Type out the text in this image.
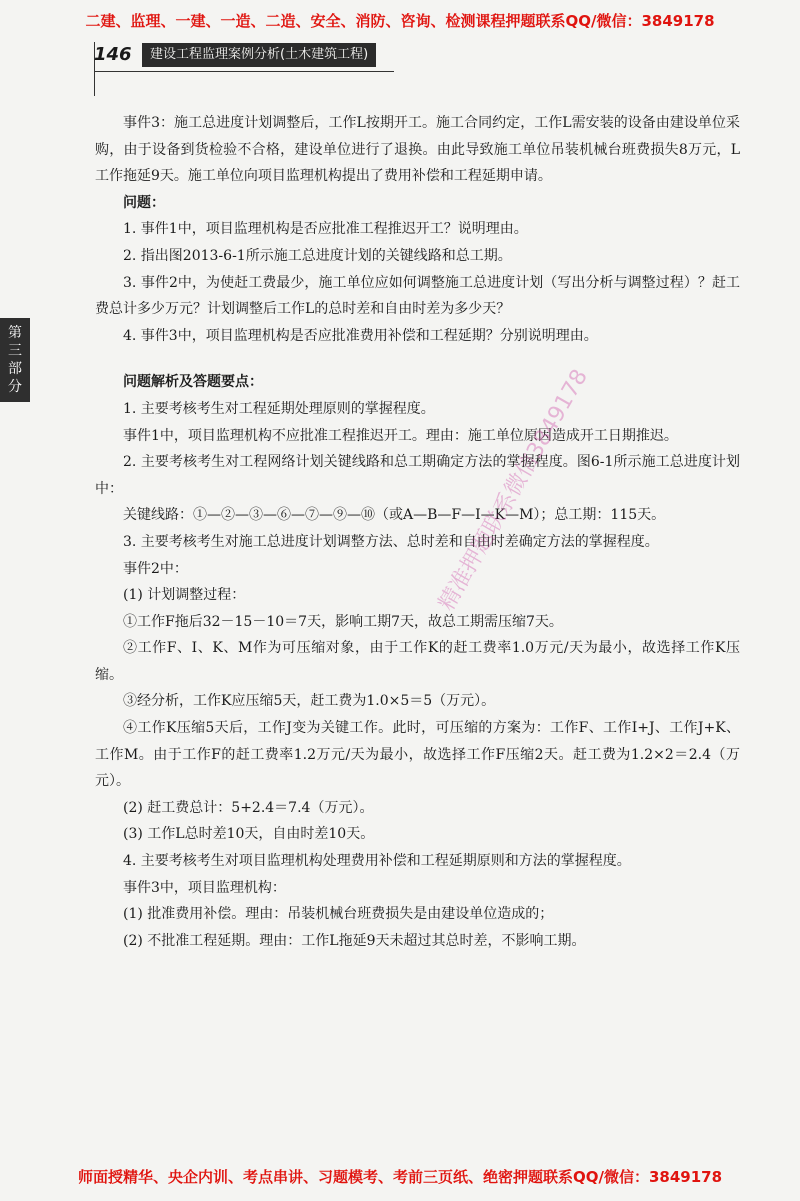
二建、监理、一建、一造、二造、安全、消防、咨询、检测课程押题联系QQ/微信：3849178
146	建设工程监理案例分析(土木建筑工程)
第
三
部
分
事件3：施工总进度计划调整后，工作L按期开工。施工合同约定，工作L需安装的设备由建设单位采购，由于设备到货检验不合格，建设单位进行了退换。由此导致施工单位吊装机械台班费损失8万元，L工作拖延9天。施工单位向项目监理机构提出了费用补偿和工程延期申请。
问题：
1. 事件1中，项目监理机构是否应批准工程推迟开工？说明理由。
2. 指出图2013-6-1所示施工总进度计划的关键线路和总工期。
3. 事件2中，为使赶工费最少，施工单位应如何调整施工总进度计划（写出分析与调整过程）？赶工费总计多少万元？计划调整后工作L的总时差和自由时差为多少天？
4. 事件3中，项目监理机构是否应批准费用补偿和工程延期？分别说明理由。
问题解析及答题要点：
1. 主要考核考生对工程延期处理原则的掌握程度。
事件1中，项目监理机构不应批准工程推迟开工。理由：施工单位原因造成开工日期推迟。
2. 主要考核考生对工程网络计划关键线路和总工期确定方法的掌握程度。图6-1所示施工总进度计划中：
关键线路：①—②—③—⑥—⑦—⑨—⑩（或A—B—F—I—K—M）；总工期：115天。
3. 主要考核考生对施工总进度计划调整方法、总时差和自由时差确定方法的掌握程度。
事件2中：
(1) 计划调整过程：
①工作F拖后32－15－10＝7天，影响工期7天，故总工期需压缩7天。
②工作F、I、K、M作为可压缩对象，由于工作K的赶工费率1.0万元/天为最小，故选择工作K压缩。
③经分析，工作K应压缩5天，赶工费为1.0×5＝5（万元）。
④工作K压缩5天后，工作J变为关键工作。此时，可压缩的方案为：工作F、工作I+J、工作J+K、工作M。由于工作F的赶工费率1.2万元/天为最小，故选择工作F压缩2天。赶工费为1.2×2＝2.4（万元）。
(2) 赶工费总计：5+2.4＝7.4（万元）。
(3) 工作L总时差10天，自由时差10天。
4. 主要考核考生对项目监理机构处理费用补偿和工程延期原则和方法的掌握程度。
事件3中，项目监理机构：
(1) 批准费用补偿。理由：吊装机械台班费损失是由建设单位造成的；
(2) 不批准工程延期。理由：工作L拖延9天未超过其总时差，不影响工期。
精准押题联系微信3849178
师面授精华、央企内训、考点串讲、习题模考、考前三页纸、绝密押题联系QQ/微信：3849178
